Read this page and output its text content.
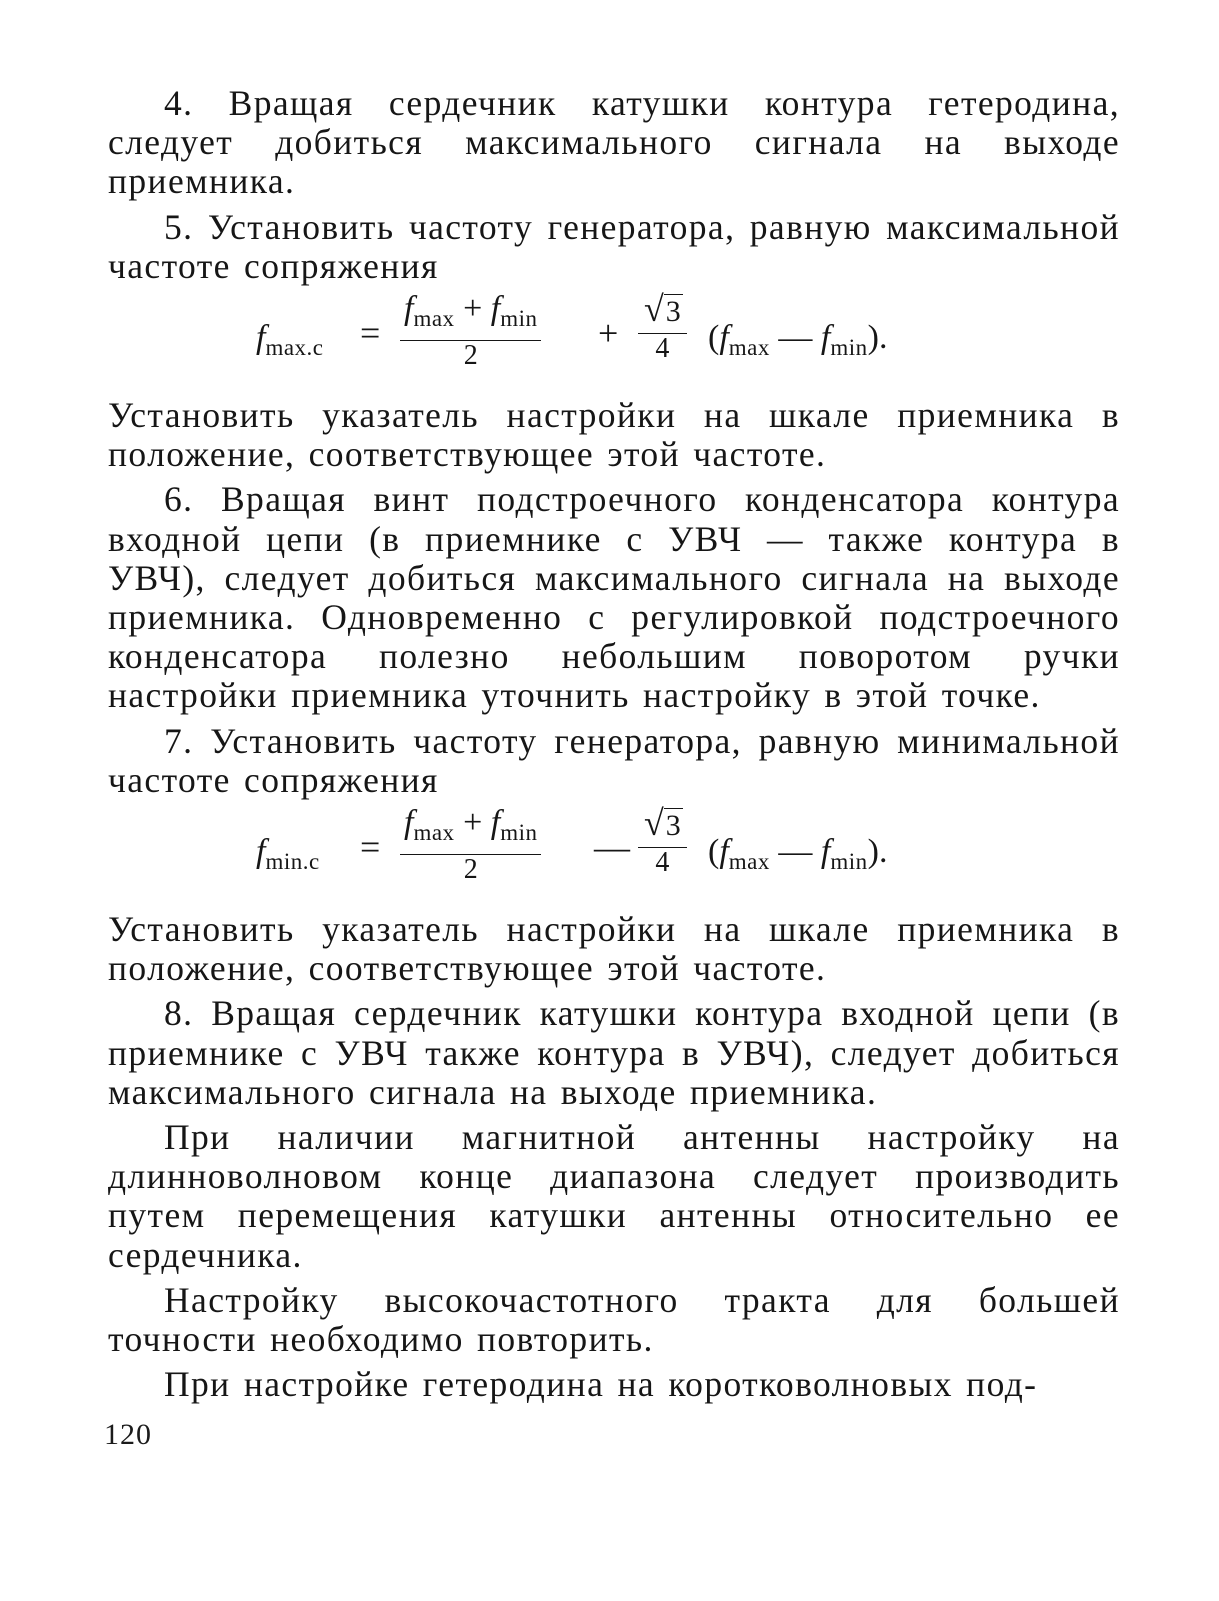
4. Вращая сердечник катушки контура гетеродина, следует добиться максимального сигнала на выходе приемника.

5. Установить частоту генератора, равную максимальной частоте сопряжения

$f_{max.c}$ =
$f_{max} + f_{min}$
2
+
√3
4	($f_{max}$ — $f_{min}$).

Установить указатель настройки на шкале приемника в положение, соответствующее этой частоте.

6. Вращая винт подстроечного конденсатора контура входной цепи (в приемнике с УВЧ — также контура в УВЧ), следует добиться максимального сигнала на выходе приемника. Одновременно с регулировкой подстроечного конденсатора полезно небольшим поворотом ручки настройки приемника уточнить настройку в этой точке.

7. Установить частоту генератора, равную минимальной частоте сопряжения

$f_{min.c}$ =
$f_{max} + f_{min}$
2
—
√3
4	($f_{max}$ — $f_{min}$).

Установить указатель настройки на шкале приемника в положение, соответствующее этой частоте.

8. Вращая сердечник катушки контура входной цепи (в приемнике с УВЧ также контура в УВЧ), следует добиться максимального сигнала на выходе приемника.

При наличии магнитной антенны настройку на длинноволновом конце диапазона следует производить путем перемещения катушки антенны относительно ее сердечника.

Настройку высокочастотного тракта для большей точности необходимо повторить.

При настройке гетеродина на коротковолновых под-

120
